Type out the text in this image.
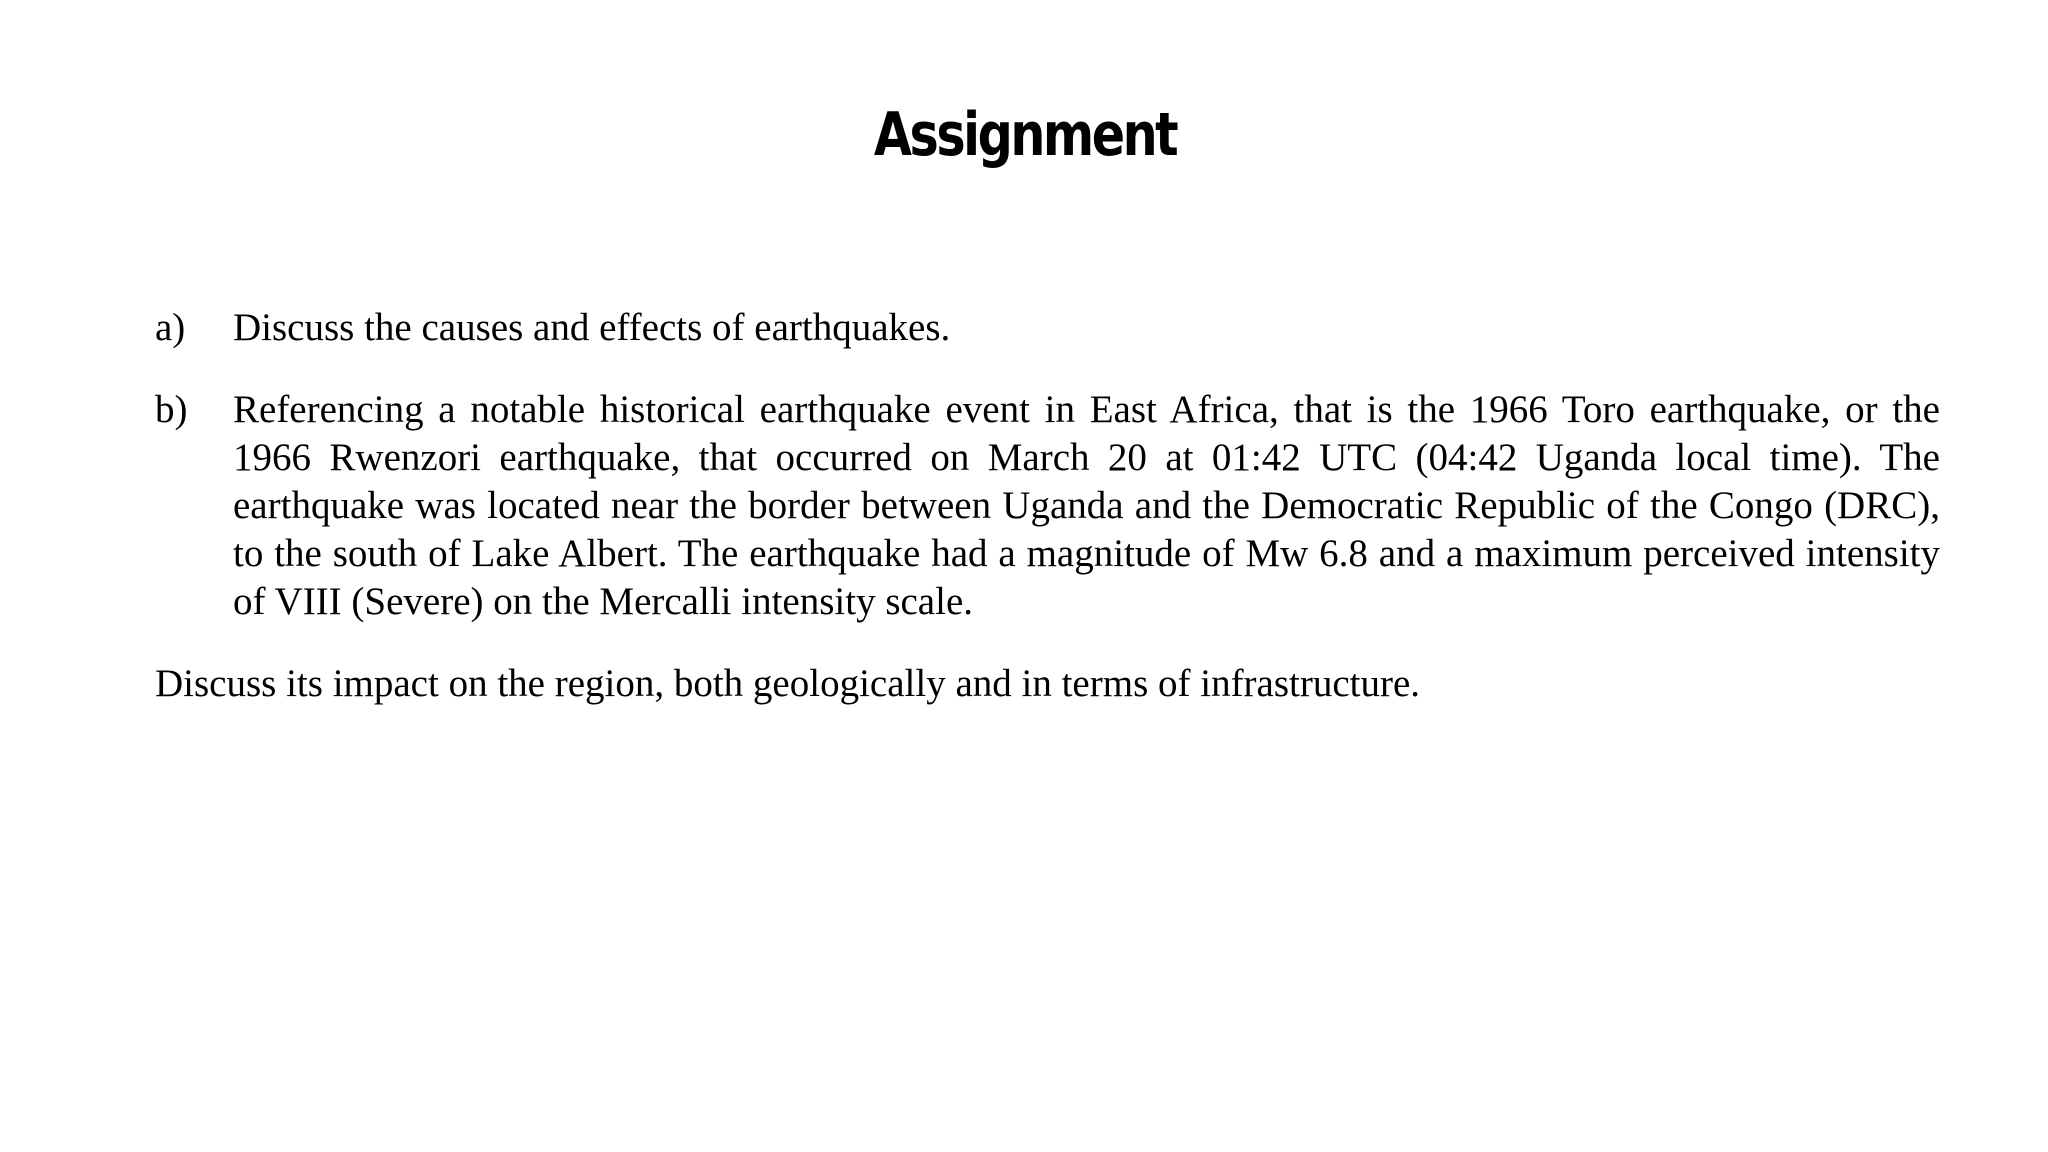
Assignment
a) Discuss the causes and effects of earthquakes.
b) Referencing a notable historical earthquake event in East Africa, that is the 1966 Toro earthquake, or the 1966 Rwenzori earthquake, that occurred on March 20 at 01:42 UTC (04:42 Uganda local time). The earthquake was located near the border between Uganda and the Democratic Republic of the Congo (DRC), to the south of Lake Albert. The earthquake had a magnitude of Mw 6.8 and a maximum perceived intensity of VIII (Severe) on the Mercalli intensity scale.
Discuss its impact on the region, both geologically and in terms of infrastructure.
